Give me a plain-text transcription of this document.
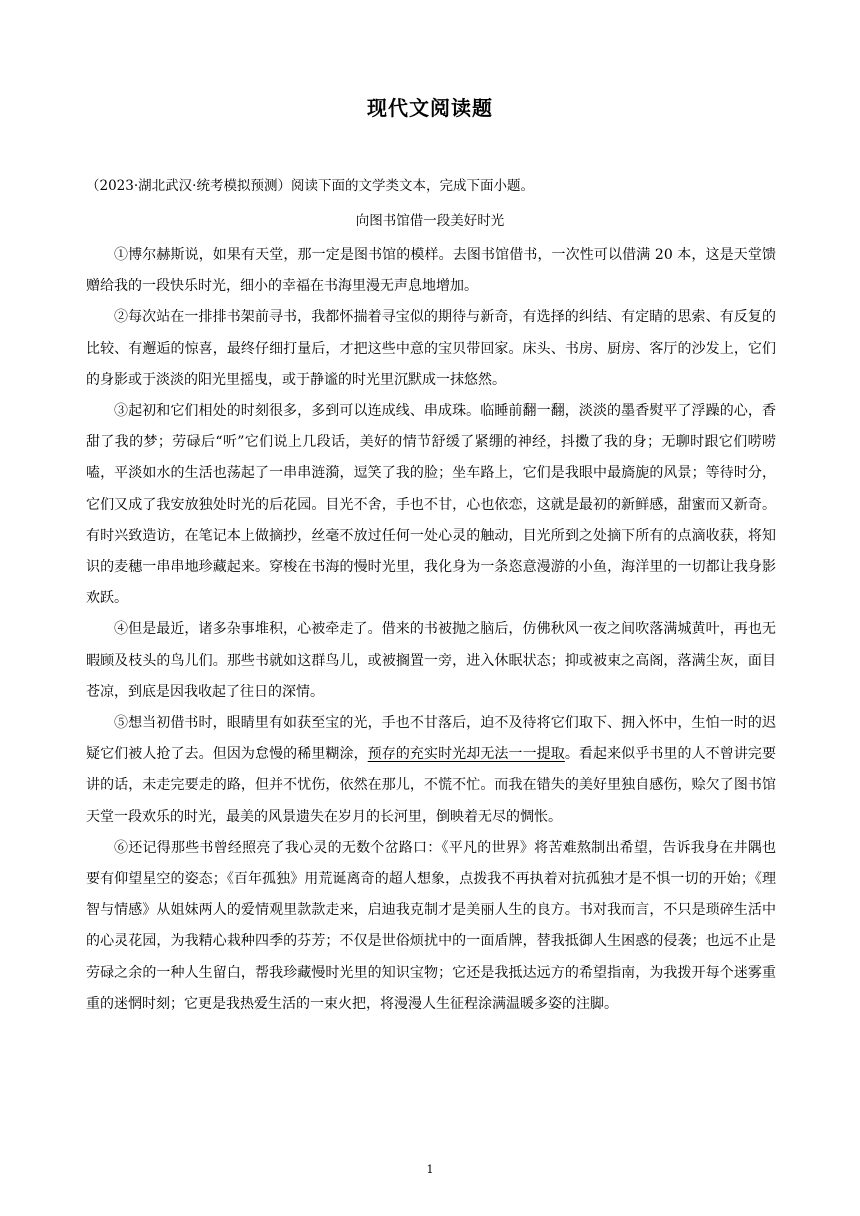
现代文阅读题
（2023·湖北武汉·统考模拟预测）阅读下面的文学类文本，完成下面小题。
向图书馆借一段美好时光

①博尔赫斯说，如果有天堂，那一定是图书馆的模样。去图书馆借书，一次性可以借满 20 本，这是天堂馈赠给我的一段快乐时光，细小的幸福在书海里漫无声息地增加。

②每次站在一排排书架前寻书，我都怀揣着寻宝似的期待与新奇，有选择的纠结、有定睛的思索、有反复的比较、有邂逅的惊喜，最终仔细打量后，才把这些中意的宝贝带回家。床头、书房、厨房、客厅的沙发上，它们的身影或于淡淡的阳光里摇曳，或于静谧的时光里沉默成一抹悠然。

③起初和它们相处的时刻很多，多到可以连成线、串成珠。临睡前翻一翻，淡淡的墨香熨平了浮躁的心，香甜了我的梦；劳碌后“听”它们说上几段话，美好的情节舒缓了紧绷的神经，抖擞了我的身；无聊时跟它们唠唠嗑，平淡如水的生活也荡起了一串串涟漪，逗笑了我的脸；坐车路上，它们是我眼中最旖旎的风景；等待时分，它们又成了我安放独处时光的后花园。目光不舍，手也不甘，心也依恋，这就是最初的新鲜感，甜蜜而又新奇。有时兴致造访，在笔记本上做摘抄，丝毫不放过任何一处心灵的触动，目光所到之处摘下所有的点滴收获，将知识的麦穗一串串地珍藏起来。穿梭在书海的慢时光里，我化身为一条恣意漫游的小鱼，海洋里的一切都让我身影欢跃。

④但是最近，诸多杂事堆积，心被牵走了。借来的书被抛之脑后，仿佛秋风一夜之间吹落满城黄叶，再也无暇顾及枝头的鸟儿们。那些书就如这群鸟儿，或被搁置一旁，进入休眠状态；抑或被束之高阁，落满尘灰，面目苍凉，到底是因我收起了往日的深情。

⑤想当初借书时，眼睛里有如获至宝的光，手也不甘落后，迫不及待将它们取下、拥入怀中，生怕一时的迟疑它们被人抢了去。但因为怠慢的稀里糊涂，预存的充实时光却无法一一提取。看起来似乎书里的人不曾讲完要讲的话，未走完要走的路，但并不忧伤，依然在那儿，不慌不忙。而我在错失的美好里独自感伤，赊欠了图书馆天堂一段欢乐的时光，最美的风景遗失在岁月的长河里，倒映着无尽的惆怅。

⑥还记得那些书曾经照亮了我心灵的无数个岔路口：《平凡的世界》将苦难熬制出希望，告诉我身在井隅也要有仰望星空的姿态；《百年孤独》用荒诞离奇的超人想象，点拨我不再执着对抗孤独才是不惧一切的开始；《理智与情感》从姐妹两人的爱情观里款款走来，启迪我克制才是美丽人生的良方。书对我而言，不只是琐碎生活中的心灵花园，为我精心栽种四季的芬芳；不仅是世俗烦扰中的一面盾牌，替我抵御人生困惑的侵袭；也远不止是劳碌之余的一种人生留白，帮我珍藏慢时光里的知识宝物；它还是我抵达远方的希望指南，为我拨开每个迷雾重重的迷惘时刻；它更是我热爱生活的一束火把，将漫漫人生征程涂满温暖多姿的注脚。

1
